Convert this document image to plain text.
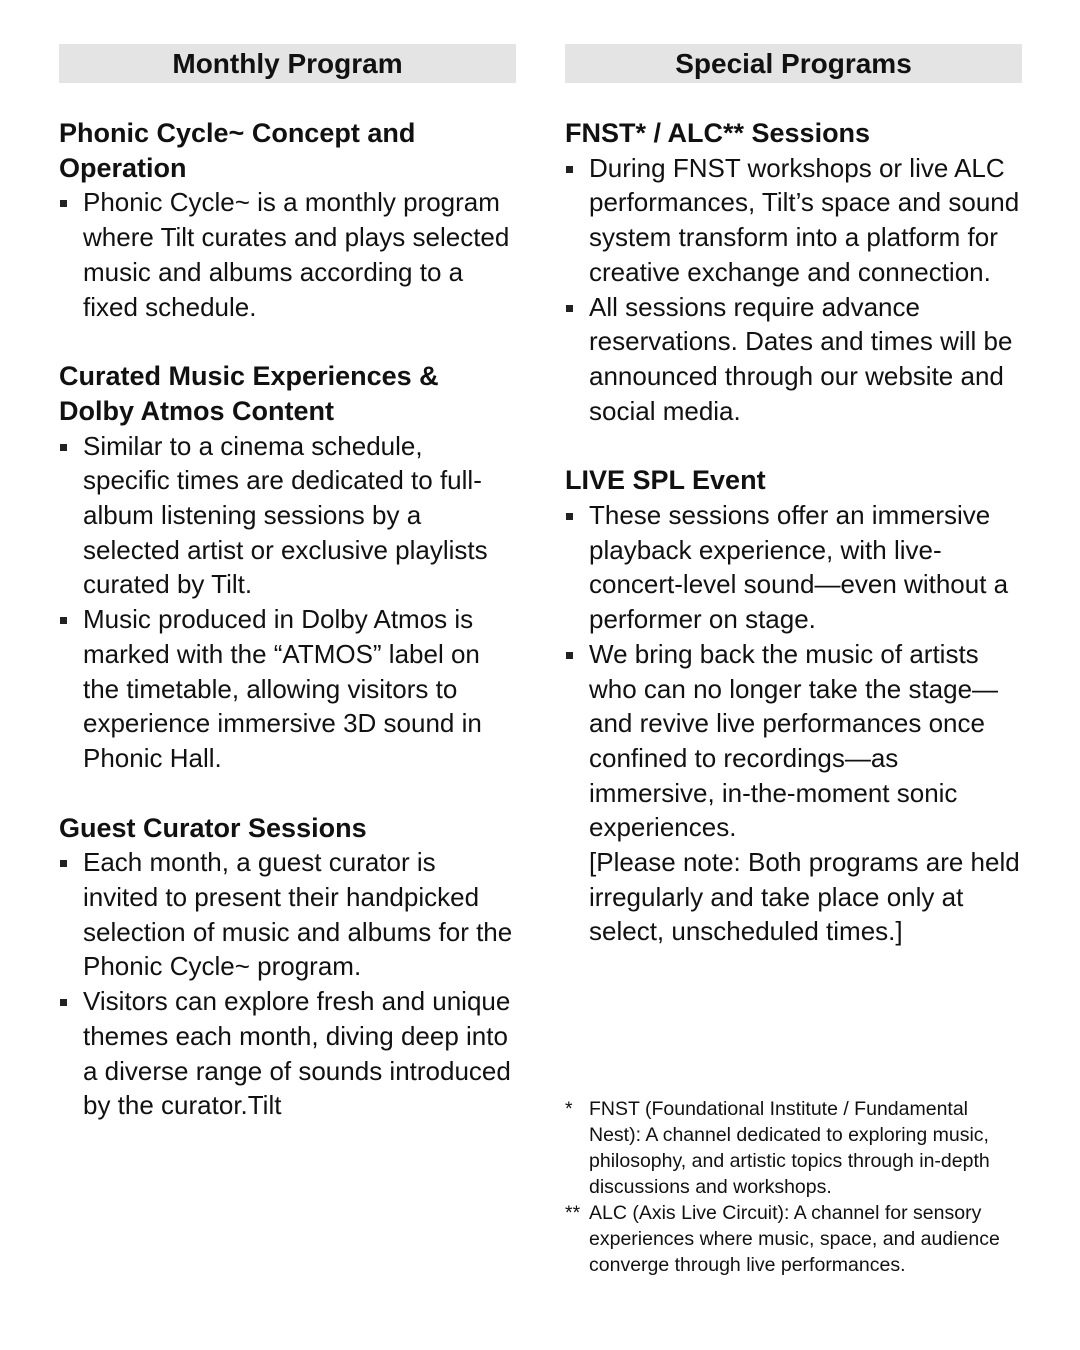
Monthly Program
Phonic Cycle~ Concept and Operation
Phonic Cycle~ is a monthly program where Tilt curates and plays selected music and albums according to a fixed schedule.
Curated Music Experiences & Dolby Atmos Content
Similar to a cinema schedule, specific times are dedicated to full-album listening sessions by a selected artist or exclusive playlists curated by Tilt.
Music produced in Dolby Atmos is marked with the “ATMOS” label on the timetable, allowing visitors to experience immersive 3D sound in Phonic Hall.
Guest Curator Sessions
Each month, a guest curator is invited to present their handpicked selection of music and albums for the Phonic Cycle~ program.
Visitors can explore fresh and unique themes each month, diving deep into a diverse range of sounds introduced by the curator.Tilt
Special Programs
FNST* / ALC** Sessions
During FNST workshops or live ALC performances, Tilt’s space and sound system transform into a platform for creative exchange and connection.
All sessions require advance reservations. Dates and times will be announced through our website and social media.
LIVE SPL Event
These sessions offer an immersive playback experience, with live-concert-level sound—even without a performer on stage.
We bring back the music of artists who can no longer take the stage—and revive live performances once confined to recordings—as immersive, in-the-moment sonic experiences.
[Please note: Both programs are held irregularly and take place only at select, unscheduled times.]
* FNST (Foundational Institute / Fundamental Nest): A channel dedicated to exploring music, philosophy, and artistic topics through in-depth discussions and workshops.
** ALC (Axis Live Circuit): A channel for sensory experiences where music, space, and audience converge through live performances.
